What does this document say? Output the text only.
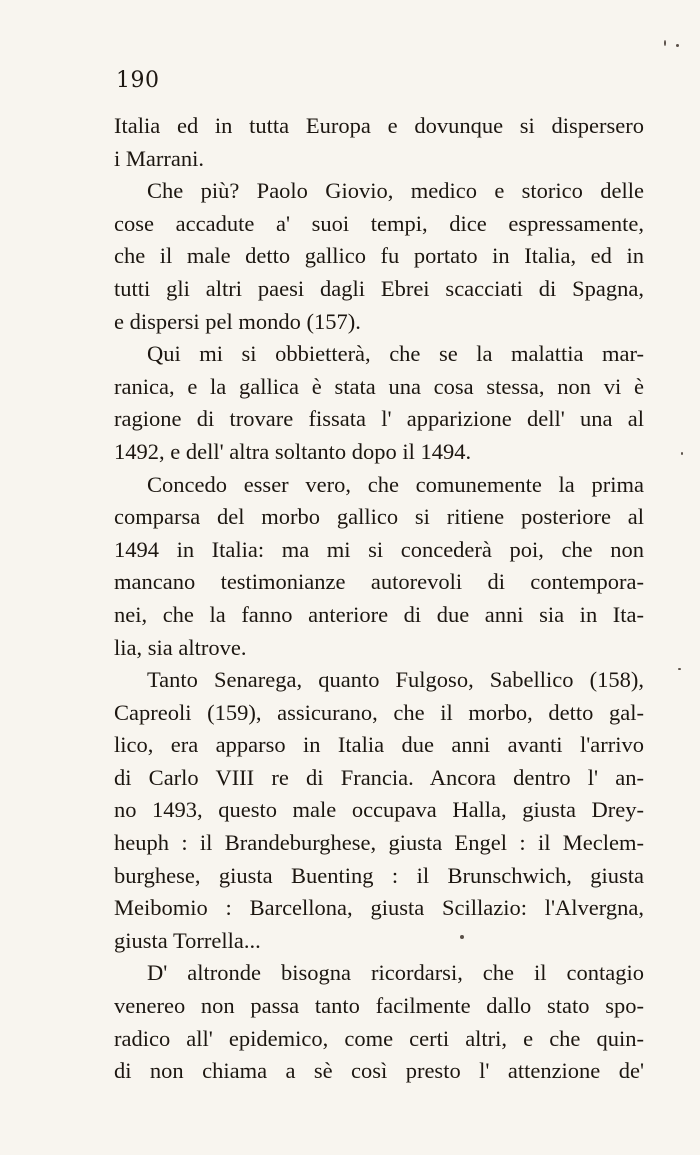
190
Italia ed in tutta Europa e dovunque si dispersero
i Marrani.
Che più? Paolo Giovio, medico e storico delle
cose accadute a' suoi tempi, dice espressamente,
che il male detto gallico fu portato in Italia, ed in
tutti gli altri paesi dagli Ebrei scacciati di Spagna,
e dispersi pel mondo (157).
Qui mi si obbietterà, che se la malattia mar-
ranica, e la gallica è stata una cosa stessa, non vi è
ragione di trovare fissata l' apparizione dell' una al
1492, e dell' altra soltanto dopo il 1494.
Concedo esser vero, che comunemente la prima
comparsa del morbo gallico si ritiene posteriore al
1494 in Italia: ma mi si concederà poi, che non
mancano testimonianze autorevoli di contempora-
nei, che la fanno anteriore di due anni sia in Ita-
lia, sia altrove.
Tanto Senarega, quanto Fulgoso, Sabellico (158),
Capreoli (159), assicurano, che il morbo, detto gal-
lico, era apparso in Italia due anni avanti l'arrivo
di Carlo VIII re di Francia. Ancora dentro l' an-
no 1493, questo male occupava Halla, giusta Drey-
heuph : il Brandeburghese, giusta Engel : il Meclem-
burghese, giusta Buenting : il Brunschwich, giusta
Meibomio : Barcellona, giusta Scillazio: l'Alvergna,
giusta Torrella...
D' altronde bisogna ricordarsi, che il contagio
venereo non passa tanto facilmente dallo stato spo-
radico all' epidemico, come certi altri, e che quin-
di non chiama a sè così presto l' attenzione de'
